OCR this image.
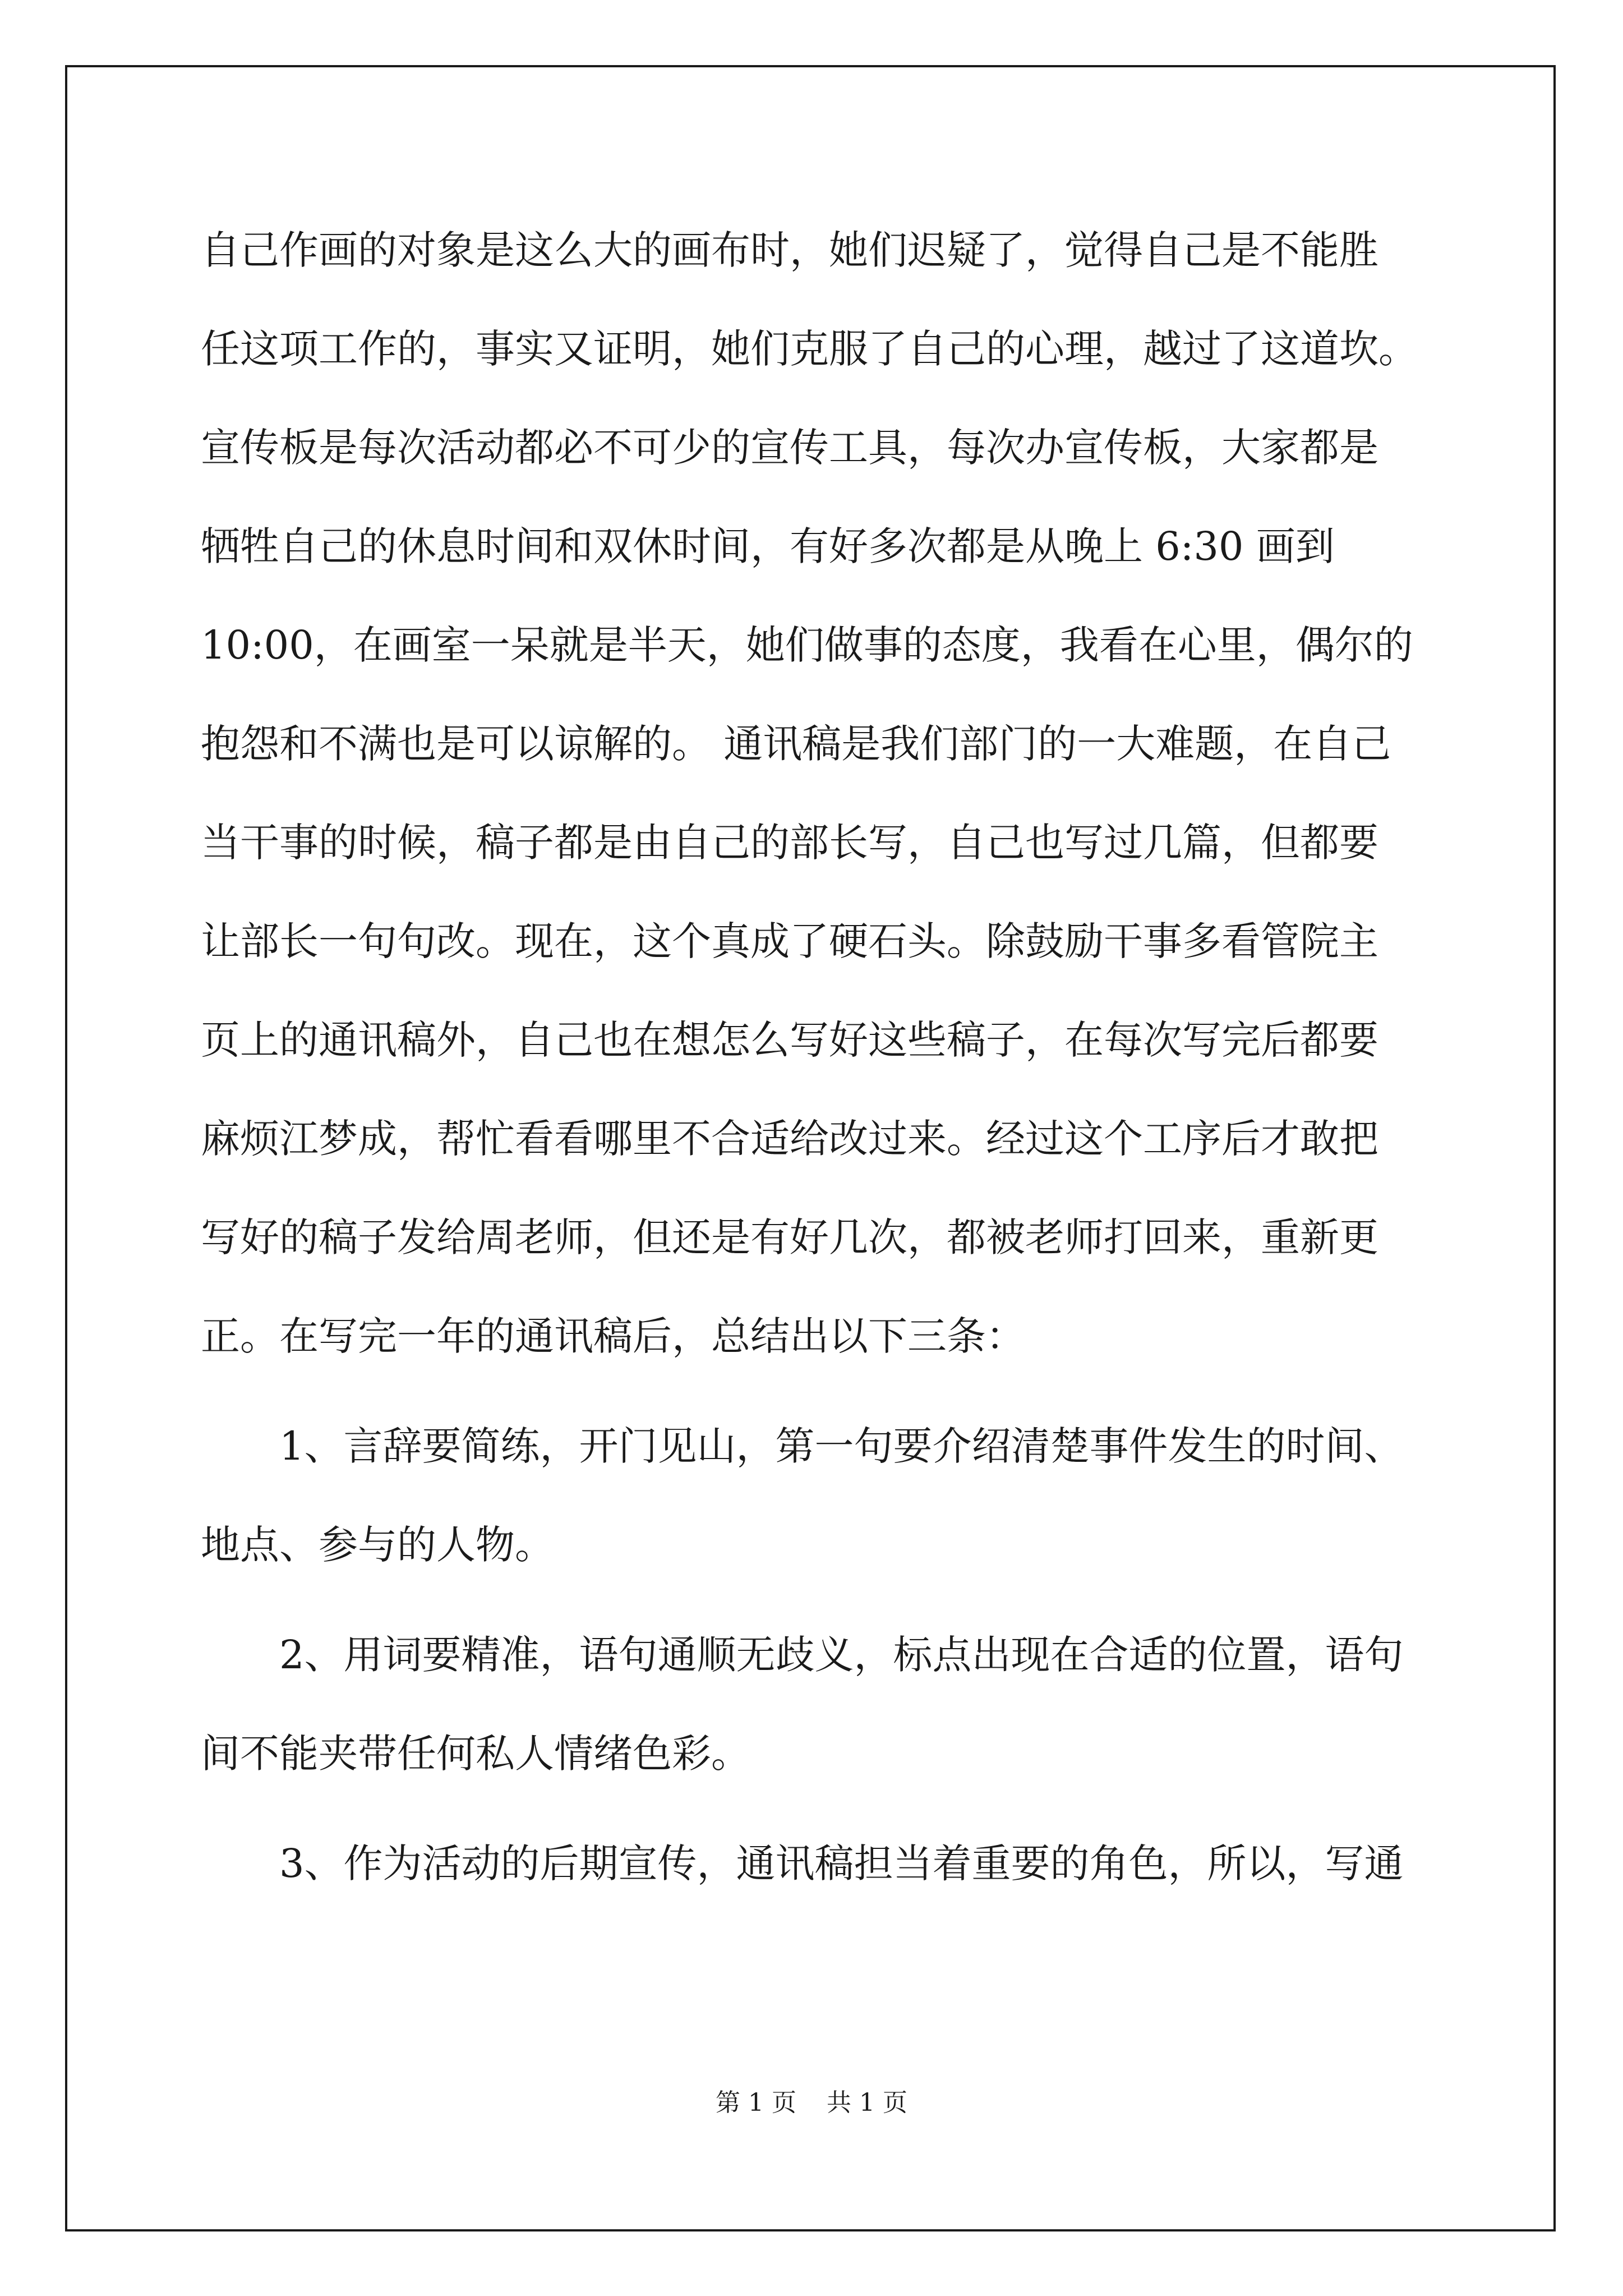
自己作画的对象是这么大的画布时，她们迟疑了，觉得自己是不能胜
任这项工作的，事实又证明，她们克服了自己的心理，越过了这道坎。
宣传板是每次活动都必不可少的宣传工具，每次办宣传板，大家都是
牺牲自己的休息时间和双休时间，有好多次都是从晚上 6:30 画到
10:00，在画室一呆就是半天，她们做事的态度，我看在心里，偶尔的
抱怨和不满也是可以谅解的。 通讯稿是我们部门的一大难题，在自己
当干事的时候，稿子都是由自己的部长写，自己也写过几篇，但都要
让部长一句句改。现在，这个真成了硬石头。除鼓励干事多看管院主
页上的通讯稿外，自己也在想怎么写好这些稿子，在每次写完后都要
麻烦江梦成，帮忙看看哪里不合适给改过来。经过这个工序后才敢把
写好的稿子发给周老师，但还是有好几次，都被老师打回来，重新更
正。在写完一年的通讯稿后，总结出以下三条：
　　1、言辞要简练，开门见山，第一句要介绍清楚事件发生的时间、
地点、参与的人物。
　　2、用词要精准，语句通顺无歧义，标点出现在合适的位置，语句
间不能夹带任何私人情绪色彩。
　　3、作为活动的后期宣传，通讯稿担当着重要的角色，所以，写通
第 1 页 共 1 页
